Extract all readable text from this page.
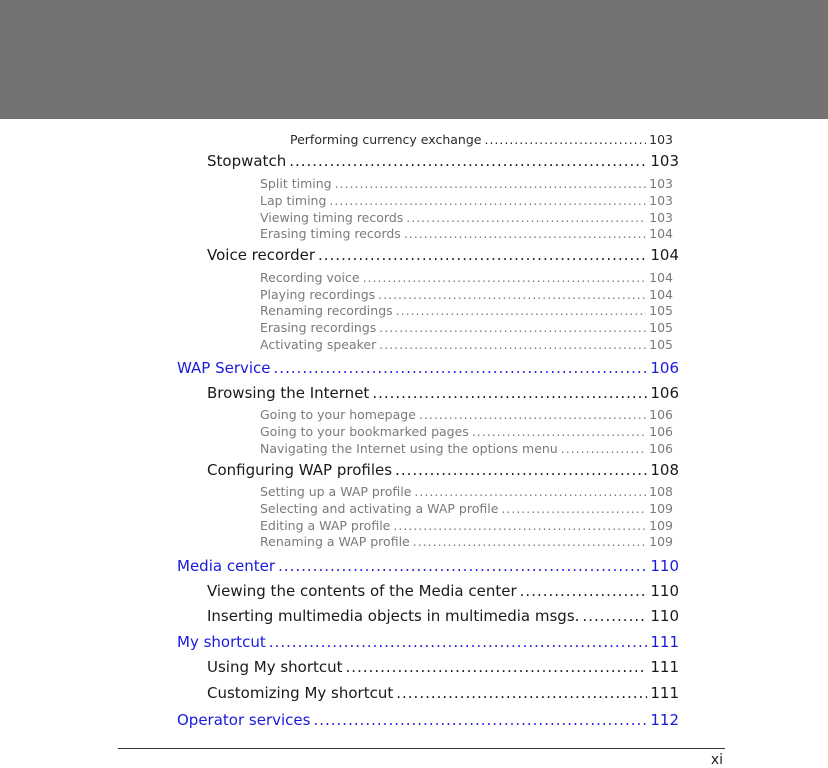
Performing currency exchange .....	103
Stopwatch .....	103
Split timing .....	103
Lap timing .....	103
Viewing timing records .....	103
Erasing timing records .....	104
Voice recorder .....	104
Recording voice .....	104
Playing recordings .....	104
Renaming recordings .....	105
Erasing recordings .....	105
Activating speaker .....	105
WAP Service .....	106
Browsing the Internet .....	106
Going to your homepage .....	106
Going to your bookmarked pages .....	106
Navigating the Internet using the options menu .....	106
Configuring WAP profiles .....	108
Setting up a WAP profile .....	108
Selecting and activating a WAP profile .....	109
Editing a WAP profile .....	109
Renaming a WAP profile .....	109
Media center .....	110
Viewing the contents of the Media center .....	110
Inserting multimedia objects in multimedia msgs. .....	110
My shortcut .....	111
Using My shortcut .....	111
Customizing My shortcut .....	111
Operator services .....	112
xi
